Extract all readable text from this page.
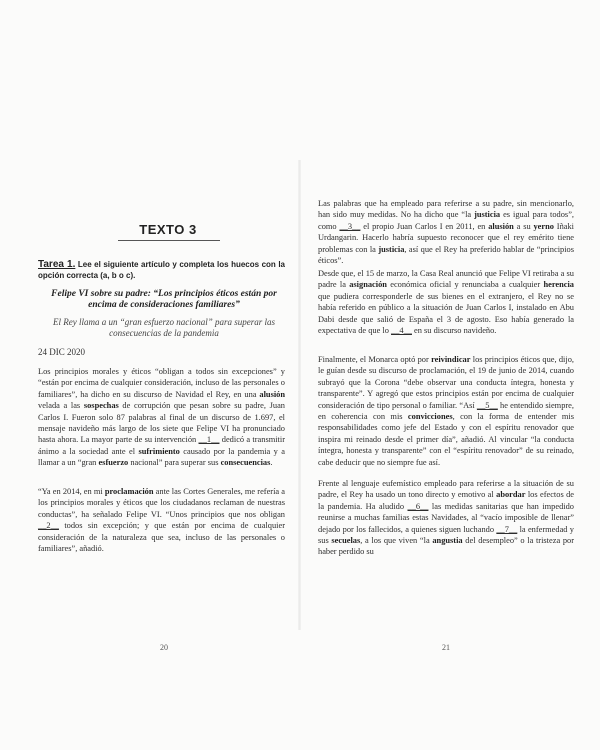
TEXTO 3
Tarea 1. Lee el siguiente artículo y completa los huecos con la opción correcta (a, b o c).
Felipe VI sobre su padre: “Los principios éticos están por encima de consideraciones familiares”
El Rey llama a un “gran esfuerzo nacional” para superar las consecuencias de la pandemia
24 DIC 2020
Los principios morales y éticos “obligan a todos sin excepciones” y “están por encima de cualquier consideración, incluso de las personales o familiares”, ha dicho en su discurso de Navidad el Rey, en una alusión velada a las sospechas de corrupción que pesan sobre su padre, Juan Carlos I. Fueron solo 87 palabras al final de un discurso de 1.697, el mensaje navideño más largo de los siete que Felipe VI ha pronunciado hasta ahora. La mayor parte de su intervención __1__ dedicó a transmitir ánimo a la sociedad ante el sufrimiento causado por la pandemia y a llamar a un “gran esfuerzo nacional” para superar sus consecuencias.
“Ya en 2014, en mi proclamación ante las Cortes Generales, me refería a los principios morales y éticos que los ciudadanos reclaman de nuestras conductas”, ha señalado Felipe VI. “Unos principios que nos obligan __2__ todos sin excepción; y que están por encima de cualquier consideración de la naturaleza que sea, incluso de las personales o familiares”, añadió.
20
Las palabras que ha empleado para referirse a su padre, sin mencionarlo, han sido muy medidas. No ha dicho que “la justicia es igual para todos”, como __3__ el propio Juan Carlos I en 2011, en alusión a su yerno Iñaki Urdangarin. Hacerlo habría supuesto reconocer que el rey emérito tiene problemas con la justicia, así que el Rey ha preferido hablar de “principios éticos”.
Desde que, el 15 de marzo, la Casa Real anunció que Felipe VI retiraba a su padre la asignación económica oficial y renunciaba a cualquier herencia que pudiera corresponderle de sus bienes en el extranjero, el Rey no se había referido en público a la situación de Juan Carlos I, instalado en Abu Dabi desde que salió de España el 3 de agosto. Eso había generado la expectativa de que lo __4__ en su discurso navideño.
Finalmente, el Monarca optó por reivindicar los principios éticos que, dijo, le guían desde su discurso de proclamación, el 19 de junio de 2014, cuando subrayó que la Corona “debe observar una conducta íntegra, honesta y transparente”. Y agregó que estos principios están por encima de cualquier consideración de tipo personal o familiar. “Así __5__ he entendido siempre, en coherencia con mis convicciones, con la forma de entender mis responsabilidades como jefe del Estado y con el espíritu renovador que inspira mi reinado desde el primer día”, añadió. Al vincular “la conducta íntegra, honesta y transparente” con el “espíritu renovador” de su reinado, cabe deducir que no siempre fue así.
Frente al lenguaje eufemístico empleado para referirse a la situación de su padre, el Rey ha usado un tono directo y emotivo al abordar los efectos de la pandemia. Ha aludido __6__ las medidas sanitarias que han impedido reunirse a muchas familias estas Navidades, al “vacío imposible de llenar” dejado por los fallecidos, a quienes siguen luchando __7__ la enfermedad y sus secuelas, a los que viven “la angustia del desempleo” o la tristeza por haber perdido su
21
